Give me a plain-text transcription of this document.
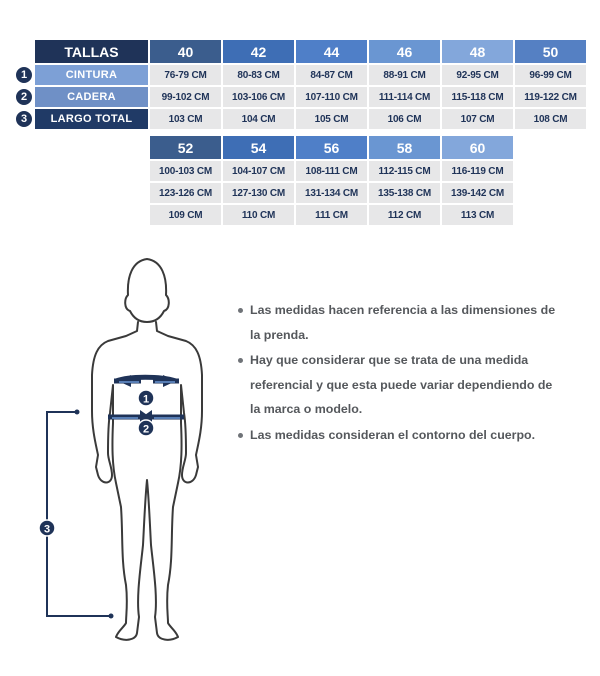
TALLAS
CINTURA
1
CADERA
2
LARGO TOTAL
3
40
76-79 CM
99-102 CM
103 CM
42
80-83 CM
103-106 CM
104 CM
44
84-87 CM
107-110 CM
105 CM
46
88-91 CM
111-114 CM
106 CM
48
92-95 CM
115-118 CM
107 CM
50
96-99 CM
119-122 CM
108 CM
52
100-103 CM
123-126 CM
109 CM
54
104-107 CM
127-130 CM
110 CM
56
108-111 CM
131-134 CM
111 CM
58
112-115 CM
135-138 CM
112 CM
60
116-119 CM
139-142 CM
113 CM
Las medidas hacen referencia a las dimensiones de la prenda.
Hay que considerar que se trata de una medida referencial y que esta puede variar dependiendo de la marca o modelo.
Las medidas consideran el contorno del cuerpo.
1
2
3
